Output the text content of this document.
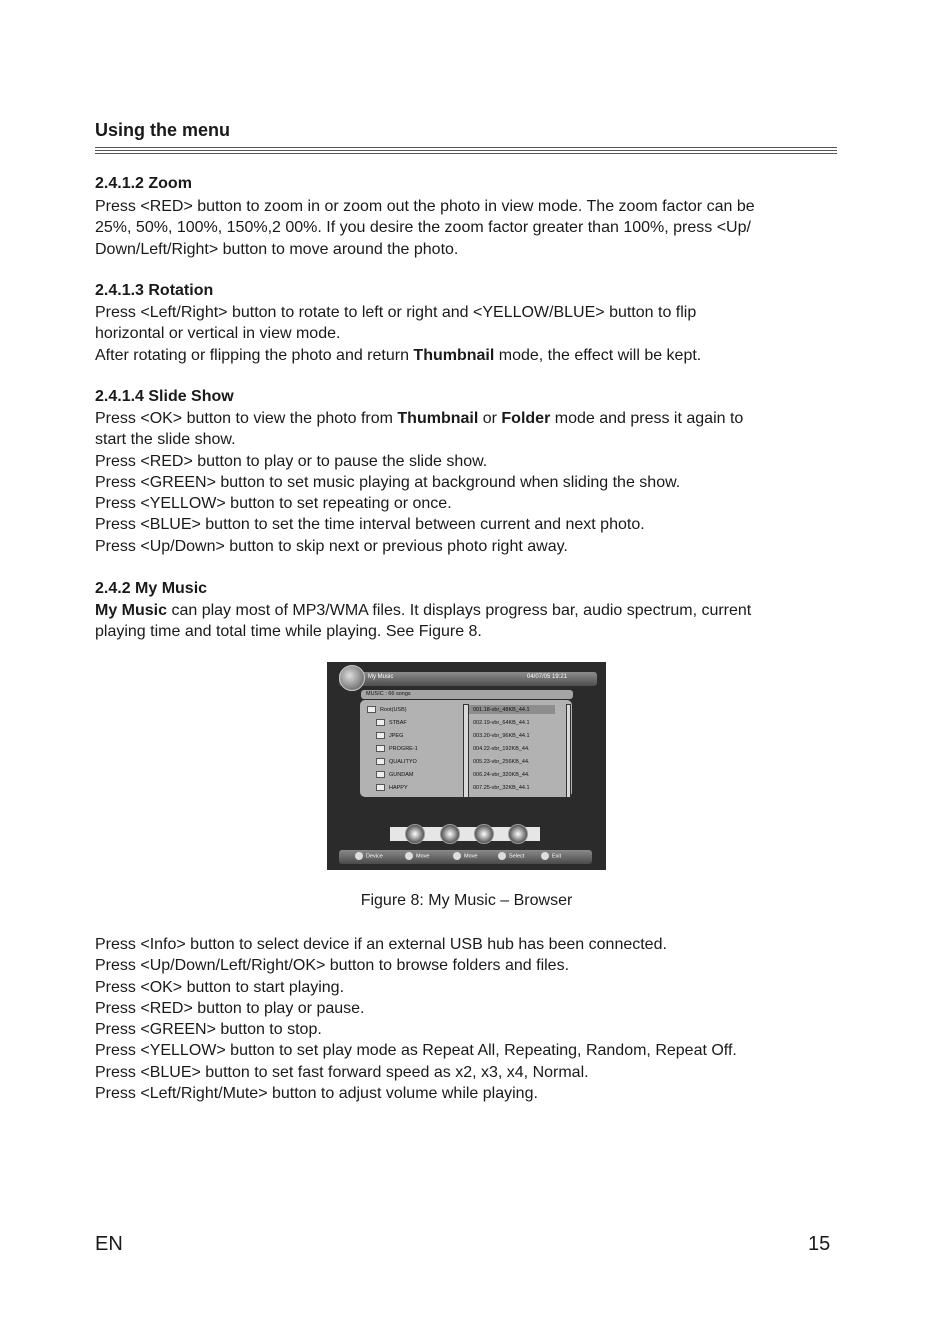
Using the menu
2.4.1.2 Zoom
Press <RED> button to zoom in or zoom out the photo in view mode. The zoom factor can be
25%, 50%, 100%, 150%,2 00%. If you desire the zoom factor greater than 100%, press <Up/
Down/Left/Right> button to move around the photo.
2.4.1.3 Rotation
Press <Left/Right> button to rotate to left or right and <YELLOW/BLUE> button to flip
horizontal or vertical in view mode.
After rotating or flipping the photo and return Thumbnail mode, the effect will be kept.
2.4.1.4 Slide Show
Press <OK> button to view the photo from Thumbnail or Folder mode and press it again to
start the slide show.
Press <RED> button to play or to pause the slide show.
Press <GREEN> button to set music playing at background when sliding the show.
Press <YELLOW> button to set repeating or once.
Press <BLUE> button to set the time interval between current and next photo.
Press <Up/Down> button to skip next or previous photo right away.
2.4.2 My Music
My Music can play most of MP3/WMA files. It displays progress bar, audio spectrum, current
playing time and total time while playing. See Figure 8.
My Music	04/07/05 19:21
MUSIC : 66 songs
Root(USB)
STBAF
JPEG
PROGRE-1
QUALITYO
GUNDAM
HAPPY
001.18-vbr_48KB_44.1
002.19-vbr_64KB_44.1
003.20-vbr_96KB_44.1
004.22-vbr_192KB_44.
005.23-vbr_256KB_44.
006.24-vbr_320KB_44.
007.25-vbr_32KB_44.1
Device	Move	Move	Select	Exit
Figure 8: My Music – Browser
Press <Info> button to select device if an external USB hub has been connected.
Press <Up/Down/Left/Right/OK> button to browse folders and files.
Press <OK> button to start playing.
Press <RED> button to play or pause.
Press <GREEN> button to stop.
Press <YELLOW> button to set play mode as Repeat All, Repeating, Random, Repeat Off.
Press <BLUE> button to set fast forward speed as x2, x3, x4, Normal.
Press <Left/Right/Mute> button to adjust volume while playing.
EN	15
